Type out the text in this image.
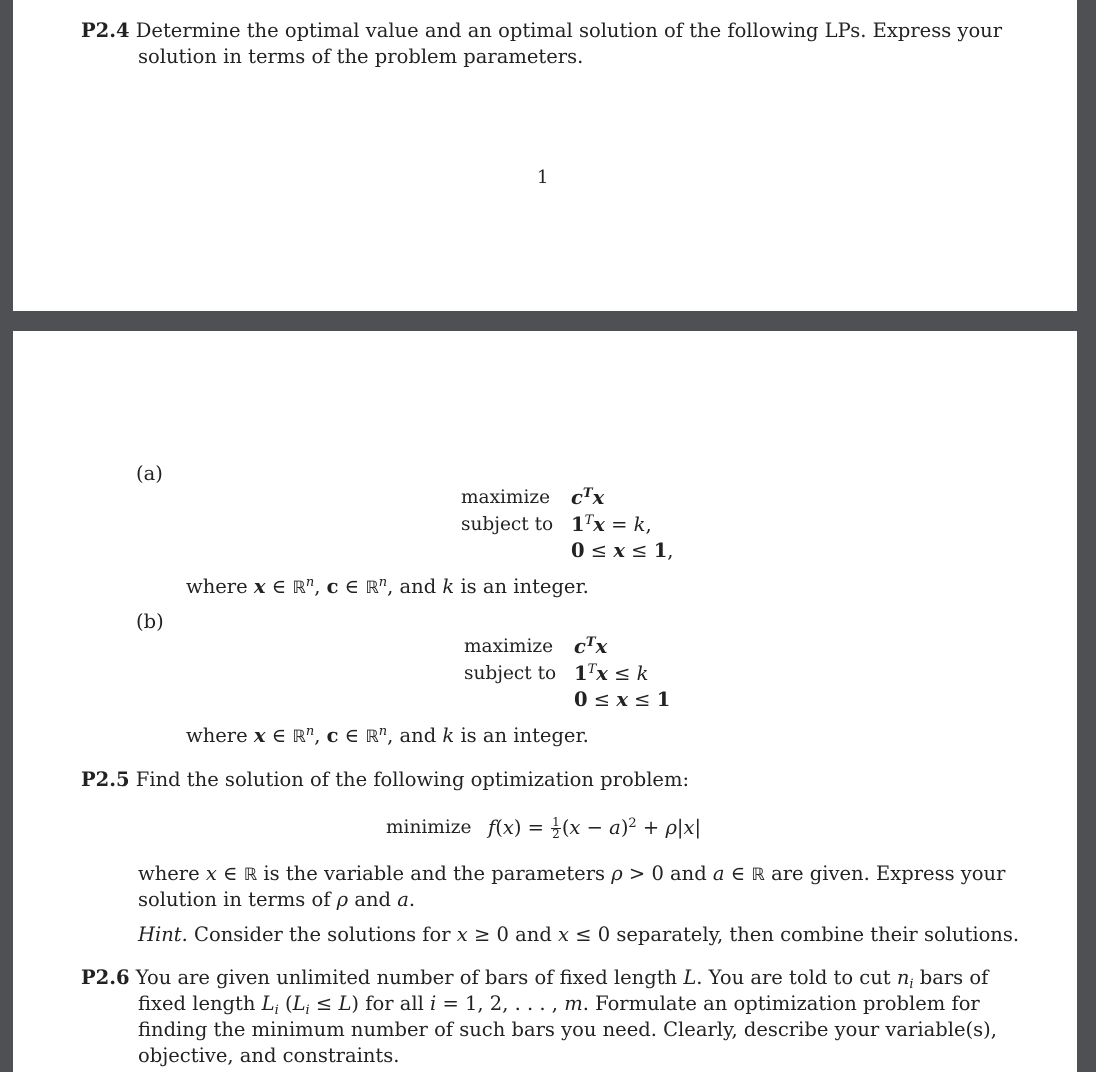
P2.4 Determine the optimal value and an optimal solution of the following LPs. Express your
solution in terms of the problem parameters.
1
(a)
maximize $c^Tx$
subject to $1^Tx = k$,
0 ≤ x ≤ 1,
where x ∈ ℝ$^n$, c ∈ ℝ$^n$, and k is an integer.
(b)
maximize $c^Tx$
subject to $1^Tx \le k$
0 ≤ x ≤ 1
where x ∈ ℝ$^n$, c ∈ ℝ$^n$, and k is an integer.
P2.5 Find the solution of the following optimization problem:
minimize $f(x) = \frac{1}{2} (x - a)^2 + \rho|x|$
where x ∈ ℝ is the variable and the parameters ρ > 0 and a ∈ ℝ are given. Express your
solution in terms of ρ and a.
Hint. Consider the solutions for x ≥ 0 and x ≤ 0 separately, then combine their solutions.
P2.6 You are given unlimited number of bars of fixed length L. You are told to cut $n_i$ bars of
fixed length $L_i$ $(L_i \le L)$ for all i = 1, 2, . . . , m. Formulate an optimization problem for
finding the minimum number of such bars you need. Clearly, describe your variable(s),
objective, and constraints.
